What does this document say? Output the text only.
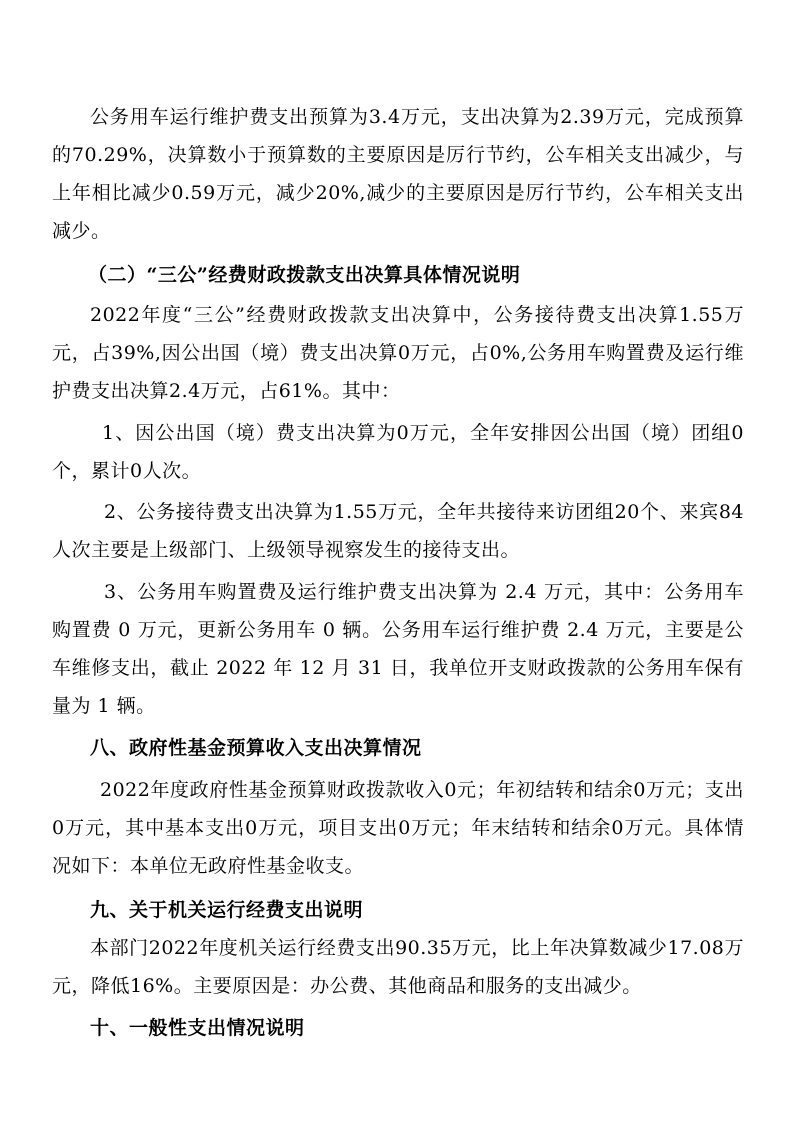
公务用车运行维护费支出预算为3.4万元，支出决算为2.39万元，完成预算的70.29%，决算数小于预算数的主要原因是厉行节约，公车相关支出减少，与上年相比减少0.59万元，减少20%,减少的主要原因是厉行节约，公车相关支出减少。

（二）“三公”经费财政拨款支出决算具体情况说明

2022年度“三公”经费财政拨款支出决算中，公务接待费支出决算1.55万元，占39%,因公出国（境）费支出决算0万元，占0%,公务用车购置费及运行维护费支出决算2.4万元，占61%。其中：

1、因公出国（境）费支出决算为0万元，全年安排因公出国（境）团组0个，累计0人次。

2、公务接待费支出决算为1.55万元，全年共接待来访团组20个、来宾84人次主要是上级部门、上级领导视察发生的接待支出。

3、公务用车购置费及运行维护费支出决算为 2.4 万元，其中：公务用车购置费 0 万元，更新公务用车 0 辆。公务用车运行维护费 2.4 万元，主要是公车维修支出，截止 2022 年 12 月 31 日，我单位开支财政拨款的公务用车保有量为 1 辆。

八、政府性基金预算收入支出决算情况

2022年度政府性基金预算财政拨款收入0元；年初结转和结余0万元；支出0万元，其中基本支出0万元，项目支出0万元；年末结转和结余0万元。具体情况如下：本单位无政府性基金收支。

九、关于机关运行经费支出说明

本部门2022年度机关运行经费支出90.35万元，比上年决算数减少17.08万元，降低16%。主要原因是：办公费、其他商品和服务的支出减少。

十、一般性支出情况说明
